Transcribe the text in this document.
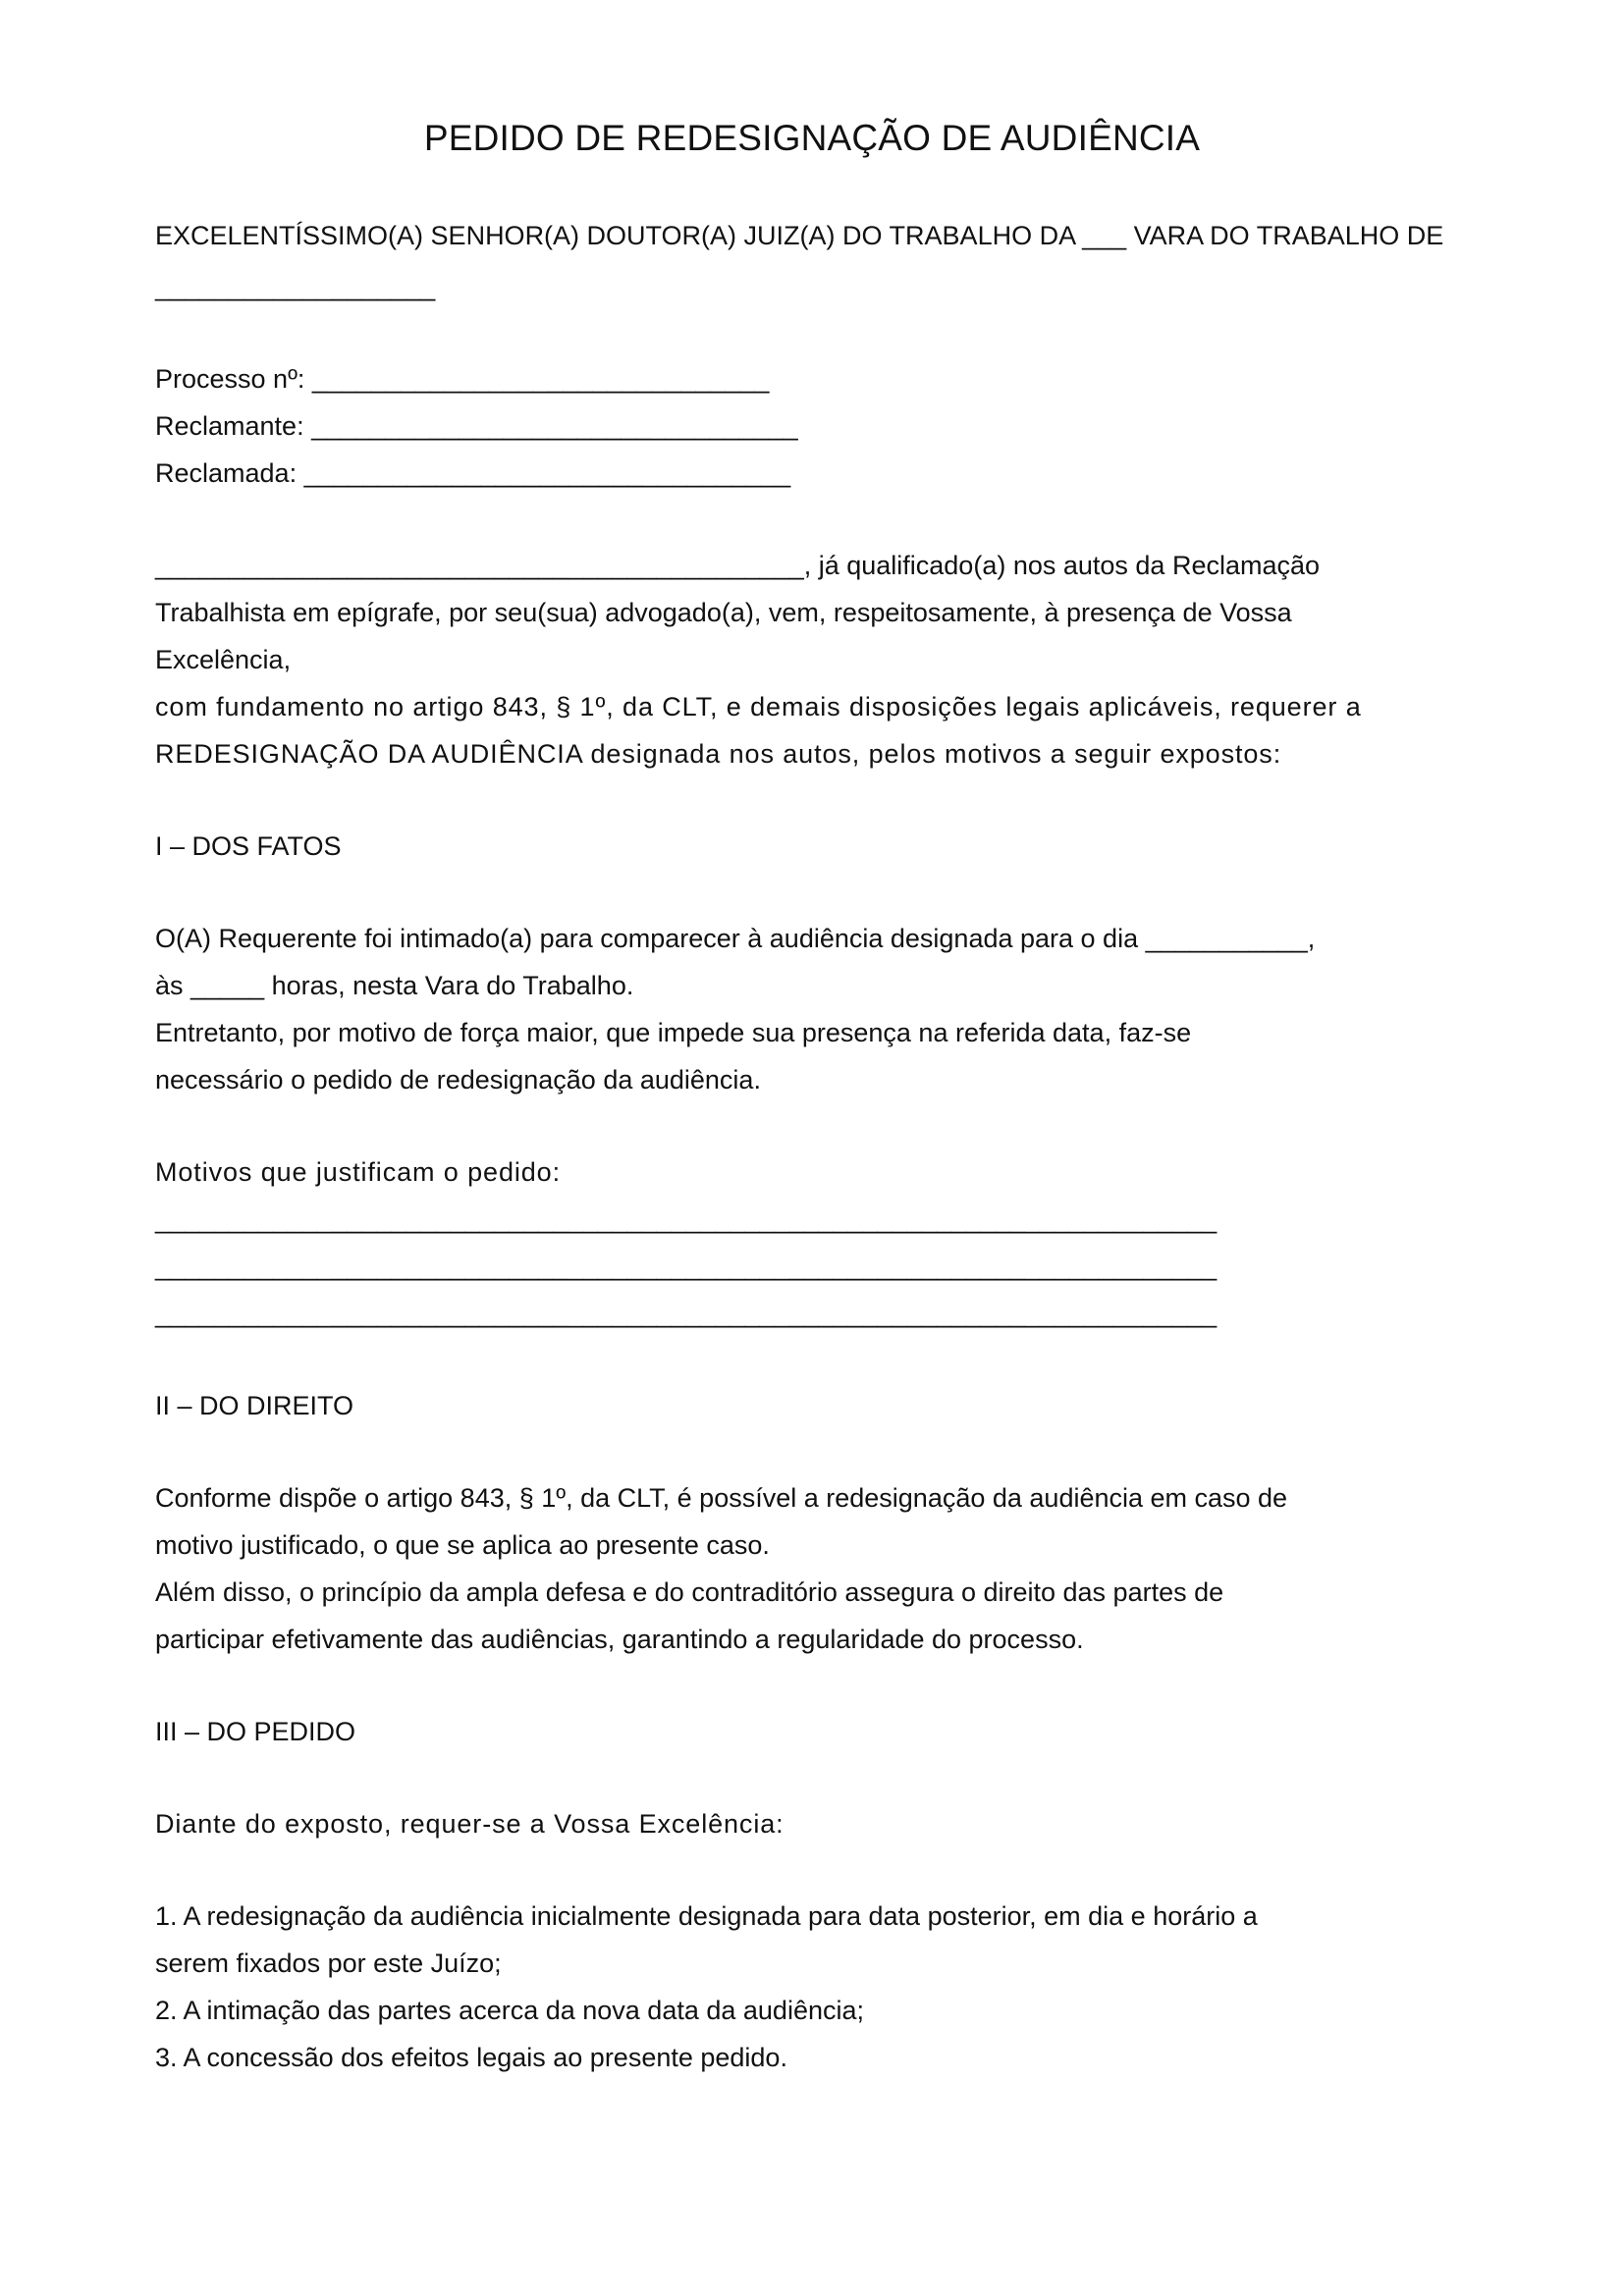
PEDIDO DE REDESIGNAÇÃO DE AUDIÊNCIA

EXCELENTÍSSIMO(A) SENHOR(A) DOUTOR(A) JUIZ(A) DO TRABALHO DA ___ VARA DO TRABALHO DE

___________________

Processo nº: _______________________________

Reclamante: _________________________________

Reclamada: _________________________________

____________________________________________, já qualificado(a) nos autos da Reclamação

Trabalhista em epígrafe, por seu(sua) advogado(a), vem, respeitosamente, à presença de Vossa

Excelência,

com fundamento no artigo 843, § 1º, da CLT, e demais disposições legais aplicáveis, requerer a

REDESIGNAÇÃO DA AUDIÊNCIA designada nos autos, pelos motivos a seguir expostos:

I – DOS FATOS

O(A) Requerente foi intimado(a) para comparecer à audiência designada para o dia ___________,

às _____ horas, nesta Vara do Trabalho.

Entretanto, por motivo de força maior, que impede sua presença na referida data, faz-se

necessário o pedido de redesignação da audiência.

Motivos que justificam o pedido:

________________________________________________________________________

________________________________________________________________________

________________________________________________________________________

II – DO DIREITO

Conforme dispõe o artigo 843, § 1º, da CLT, é possível a redesignação da audiência em caso de

motivo justificado, o que se aplica ao presente caso.

Além disso, o princípio da ampla defesa e do contraditório assegura o direito das partes de

participar efetivamente das audiências, garantindo a regularidade do processo.

III – DO PEDIDO

Diante do exposto, requer-se a Vossa Excelência:

1. A redesignação da audiência inicialmente designada para data posterior, em dia e horário a

serem fixados por este Juízo;

2. A intimação das partes acerca da nova data da audiência;

3. A concessão dos efeitos legais ao presente pedido.
